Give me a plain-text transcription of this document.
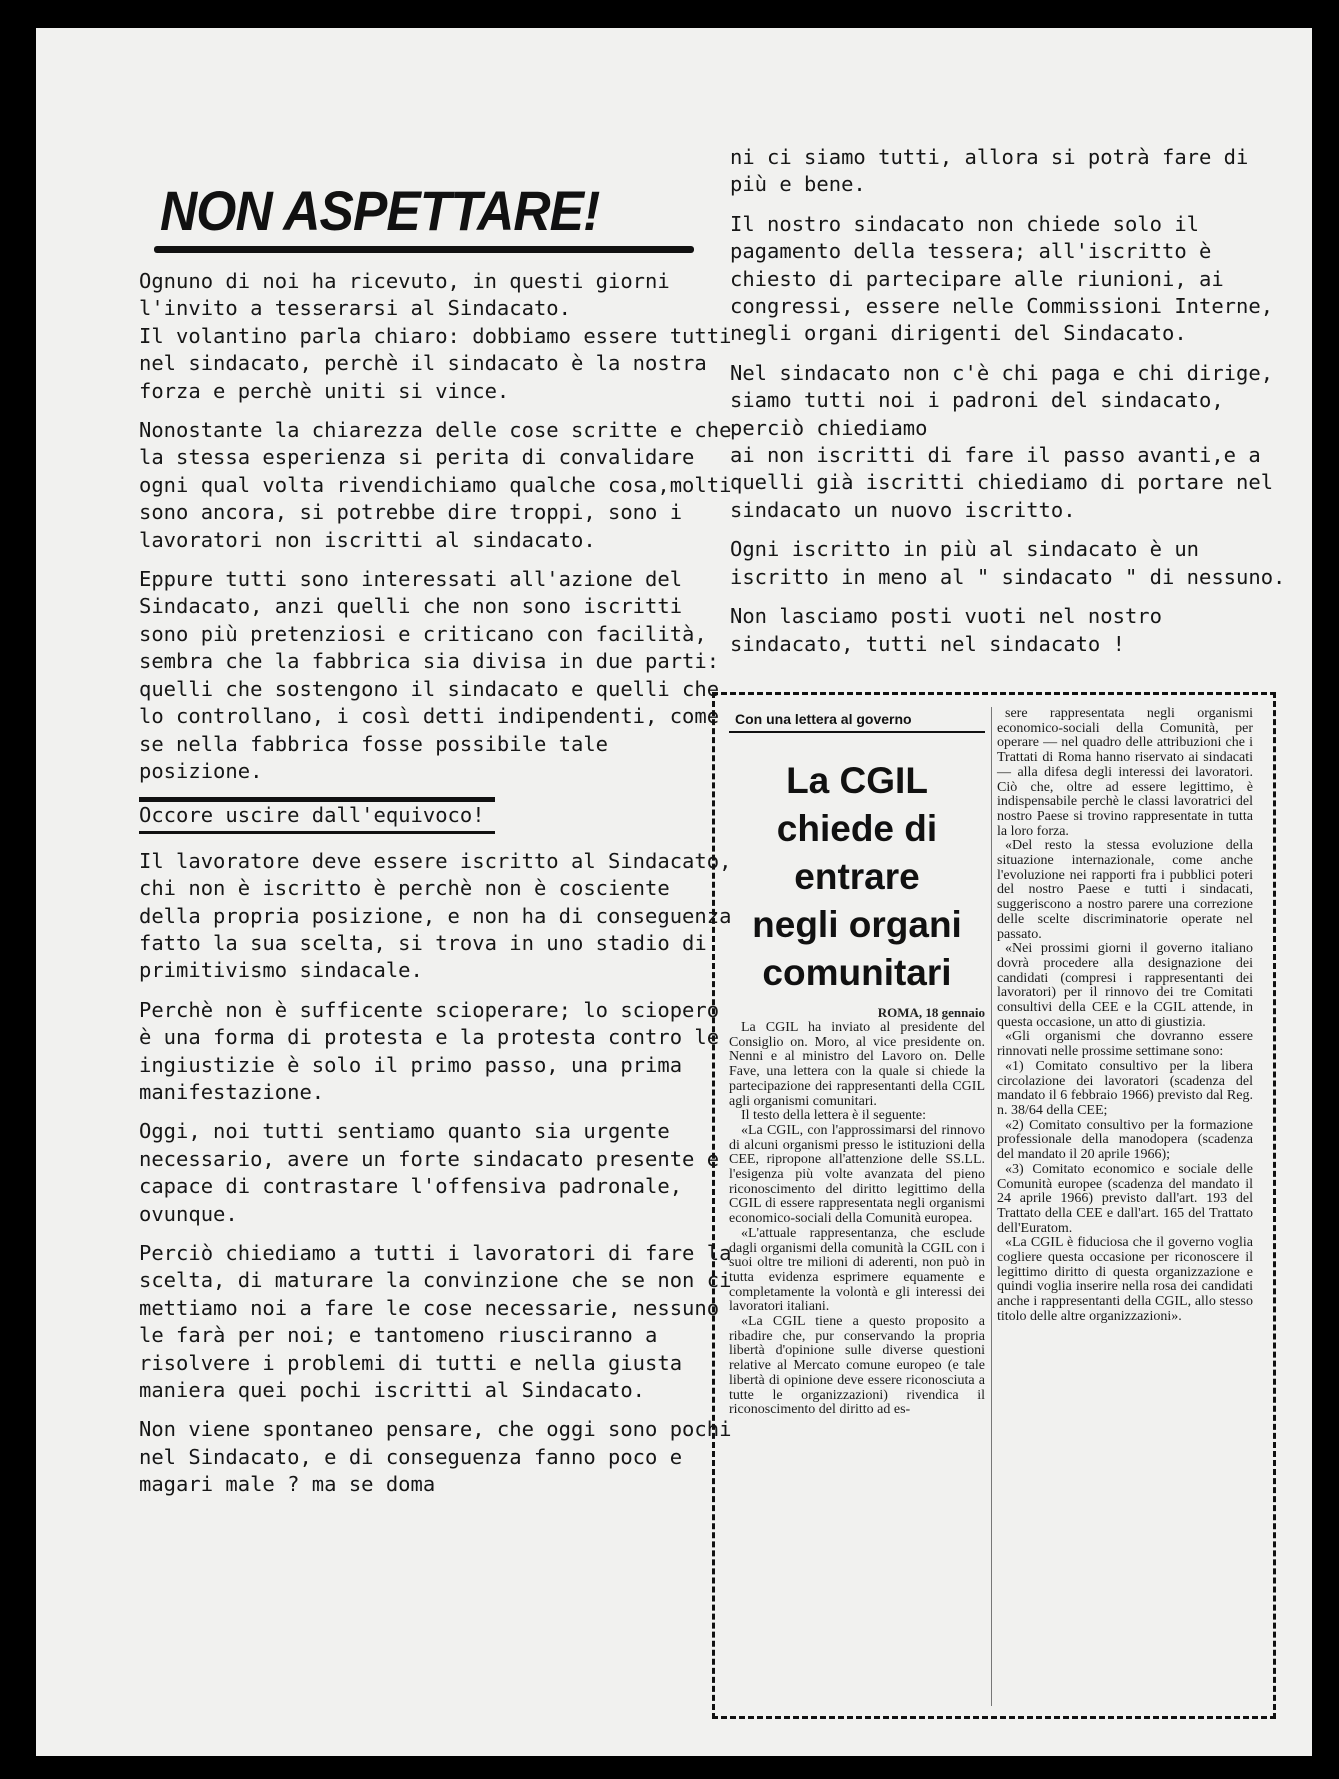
NON ASPETTARE!

Ognuno di noi ha ricevuto, in questi giorni l'invito a tesserarsi al Sindacato.
Il volantino parla chiaro: dobbiamo essere tutti nel sindacato, perchè il sindacato è la nostra forza e perchè uniti si vince.

Nonostante la chiarezza delle cose scritte e che la stessa esperienza si perita di convalidare ogni qual volta rivendichiamo qualche cosa,molti sono ancora, si potrebbe dire troppi, sono i lavoratori non iscritti al sindacato.

Eppure tutti sono interessati all'azione del Sindacato, anzi quelli che non sono iscritti sono più pretenziosi e criticano con facilità, sembra che la fabbrica sia divisa in due parti:
quelli che sostengono il sindacato e quelli che lo controllano, i così detti indipendenti, come se nella fabbrica fosse possibile tale posizione.

Occore uscire dall'equivoco!

Il lavoratore deve essere iscritto al Sindacato, chi non è iscritto è perchè non è cosciente della propria posizione, e non ha di conseguenza fatto la sua scelta, si trova in uno stadio di primitivismo sindacale.

Perchè non è sufficente scioperare; lo sciopero è una forma di protesta e la protesta contro le ingiustizie è solo il primo passo, una prima manifestazione.

Oggi, noi tutti sentiamo quanto sia urgente necessario, avere un forte sindacato presente e capace di contrastare l'offensiva padronale, ovunque.

Perciò chiediamo a tutti i lavoratori di fare la scelta, di maturare la convinzione che se non ci mettiamo noi a fare le cose necessarie, nessuno le farà per noi; e tantomeno riusciranno a risolvere i problemi di tutti e nella giusta maniera quei pochi iscritti al Sindacato.

Non viene spontaneo pensare, che oggi sono pochi nel Sindacato, e di conseguenza fanno poco e magari male ? ma se doma

ni ci siamo tutti, allora si potrà fare di più e bene.

Il nostro sindacato non chiede solo il pagamento della tessera; all'iscritto è chiesto di partecipare alle riunioni, ai congressi, essere nelle Commissioni Interne, negli organi dirigenti del Sindacato.

Nel sindacato non c'è chi paga e chi dirige, siamo tutti noi i padroni del sindacato, perciò chiediamo
ai non iscritti di fare il passo avanti,e a quelli già iscritti chiediamo di portare nel sindacato un nuovo iscritto.

Ogni iscritto in più al sindacato è un iscritto in meno al " sindacato " di nessuno.

Non lasciamo posti vuoti nel nostro sindacato, tutti nel sindacato !

Con una lettera al governo
La CGIL
chiede di
entrare
negli organi
comunitari
ROMA, 18 gennaio

La CGIL ha inviato al presidente del Consiglio on. Moro, al vice presidente on. Nenni e al ministro del Lavoro on. Delle Fave, una lettera con la quale si chiede la partecipazione dei rappresentanti della CGIL agli organismi comunitari.

Il testo della lettera è il seguente:

«La CGIL, con l'approssimarsi del rinnovo di alcuni organismi presso le istituzioni della CEE, ripropone all'attenzione delle SS.LL. l'esigenza più volte avanzata del pieno riconoscimento del diritto legittimo della CGIL di essere rappresentata negli organismi economico-sociali della Comunità europea.

«L'attuale rappresentanza, che esclude dagli organismi della comunità la CGIL con i suoi oltre tre milioni di aderenti, non può in tutta evidenza esprimere equamente e completamente la volontà e gli interessi dei lavoratori italiani.

«La CGIL tiene a questo proposito a ribadire che, pur conservando la propria libertà d'opinione sulle diverse questioni relative al Mercato comune europeo (e tale libertà di opinione deve essere riconosciuta a tutte le organizzazioni) rivendica il riconoscimento del diritto ad es-

sere rappresentata negli organismi economico-sociali della Comunità, per operare — nel quadro delle attribuzioni che i Trattati di Roma hanno riservato ai sindacati — alla difesa degli interessi dei lavoratori. Ciò che, oltre ad essere legittimo, è indispensabile perchè le classi lavoratrici del nostro Paese si trovino rappresentate in tutta la loro forza.

«Del resto la stessa evoluzione della situazione internazionale, come anche l'evoluzione nei rapporti fra i pubblici poteri del nostro Paese e tutti i sindacati, suggeriscono a nostro parere una correzione delle scelte discriminatorie operate nel passato.

«Nei prossimi giorni il governo italiano dovrà procedere alla designazione dei candidati (compresi i rappresentanti dei lavoratori) per il rinnovo dei tre Comitati consultivi della CEE e la CGIL attende, in questa occasione, un atto di giustizia.

«Gli organismi che dovranno essere rinnovati nelle prossime settimane sono:

«1) Comitato consultivo per la libera circolazione dei lavoratori (scadenza del mandato il 6 febbraio 1966) previsto dal Reg. n. 38/64 della CEE;

«2) Comitato consultivo per la formazione professionale della manodopera (scadenza del mandato il 20 aprile 1966);

«3) Comitato economico e sociale delle Comunità europee (scadenza del mandato il 24 aprile 1966) previsto dall'art. 193 del Trattato della CEE e dall'art. 165 del Trattato dell'Euratom.

«La CGIL è fiduciosa che il governo voglia cogliere questa occasione per riconoscere il legittimo diritto di questa organizzazione e quindi voglia inserire nella rosa dei candidati anche i rappresentanti della CGIL, allo stesso titolo delle altre organizzazioni».
